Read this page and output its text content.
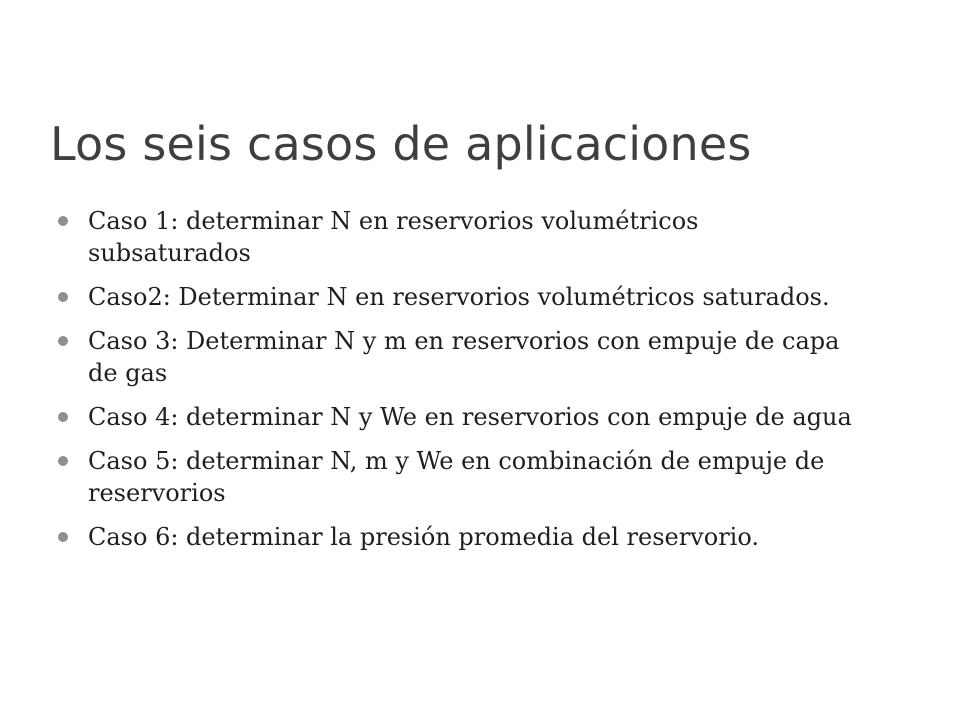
Los seis casos de aplicaciones
Caso 1: determinar N en reservorios volumétricos subsaturados
Caso2: Determinar N en reservorios volumétricos saturados.
Caso 3: Determinar N y m en reservorios con empuje de capa de gas
Caso 4: determinar N y We en reservorios con empuje de agua
Caso 5: determinar N, m y We en combinación de empuje de reservorios
Caso 6: determinar la presión promedia del reservorio.
